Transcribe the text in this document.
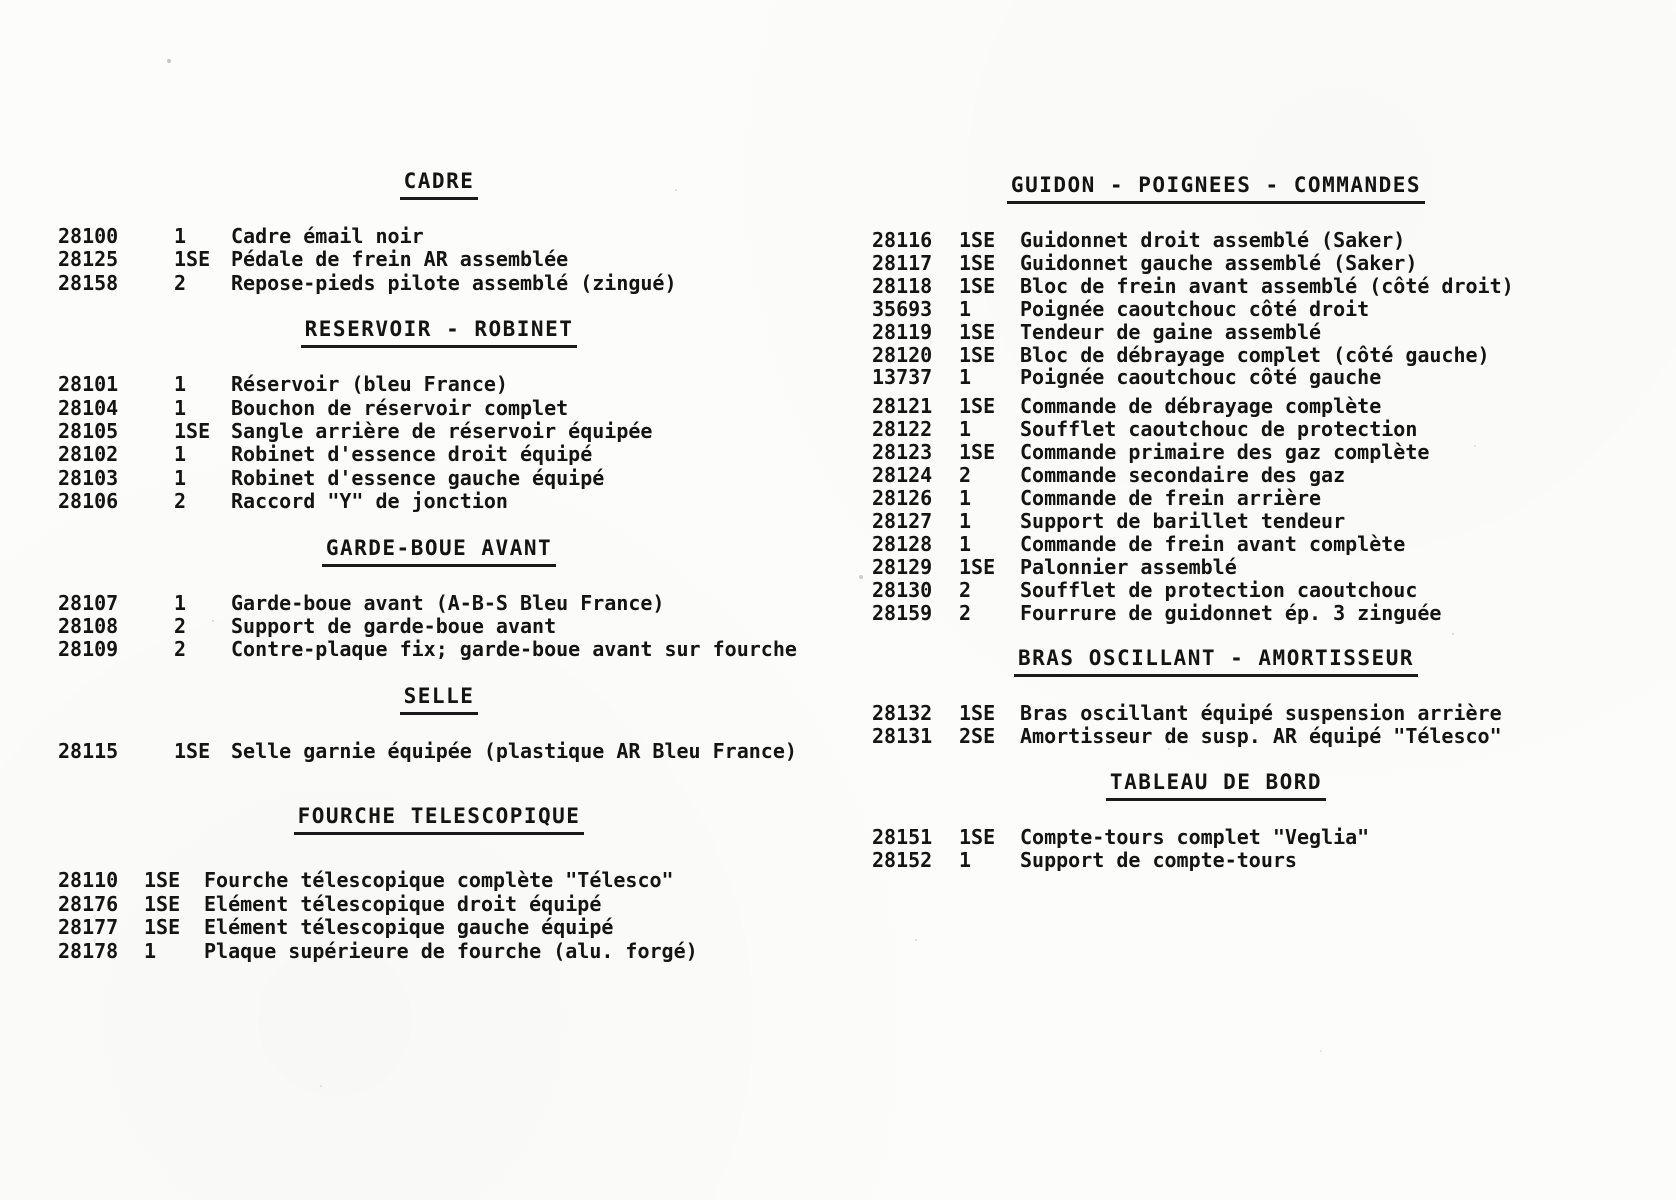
CADRE
28100	1	Cadre émail noir
28125	1SE	Pédale de frein AR assemblée
28158	2	Repose-pieds pilote assemblé (zingué)
RESERVOIR - ROBINET
28101	1	Réservoir (bleu France)
28104	1	Bouchon de réservoir complet
28105	1SE	Sangle arrière de réservoir équipée
28102	1	Robinet d'essence droit équipé
28103	1	Robinet d'essence gauche équipé
28106	2	Raccord "Y" de jonction
GARDE-BOUE AVANT
28107	1	Garde-boue avant (A-B-S Bleu France)
28108	2	Support de garde-boue avant
28109	2	Contre-plaque fix; garde-boue avant sur fourche
SELLE
28115	1SE	Selle garnie équipée (plastique AR Bleu France)
FOURCHE TELESCOPIQUE
28110	1SE	Fourche télescopique complète "Télesco"
28176	1SE	Elément télescopique droit équipé
28177	1SE	Elément télescopique gauche équipé
28178	1	Plaque supérieure de fourche (alu. forgé)
GUIDON - POIGNEES - COMMANDES
28116	1SE	Guidonnet droit assemblé (Saker)
28117	1SE	Guidonnet gauche assemblé (Saker)
28118	1SE	Bloc de frein avant assemblé (côté droit)
35693	1	Poignée caoutchouc côté droit
28119	1SE	Tendeur de gaine assemblé
28120	1SE	Bloc de débrayage complet (côté gauche)
13737	1	Poignée caoutchouc côté gauche
28121	1SE	Commande de débrayage complète
28122	1	Soufflet caoutchouc de protection
28123	1SE	Commande primaire des gaz complète
28124	2	Commande secondaire des gaz
28126	1	Commande de frein arrière
28127	1	Support de barillet tendeur
28128	1	Commande de frein avant complète
28129	1SE	Palonnier assemblé
28130	2	Soufflet de protection caoutchouc
28159	2	Fourrure de guidonnet ép. 3 zinguée
BRAS OSCILLANT - AMORTISSEUR
28132	1SE	Bras oscillant équipé suspension arrière
28131	2SE	Amortisseur de susp. AR équipé "Télesco"
TABLEAU DE BORD
28151	1SE	Compte-tours complet "Veglia"
28152	1	Support de compte-tours
